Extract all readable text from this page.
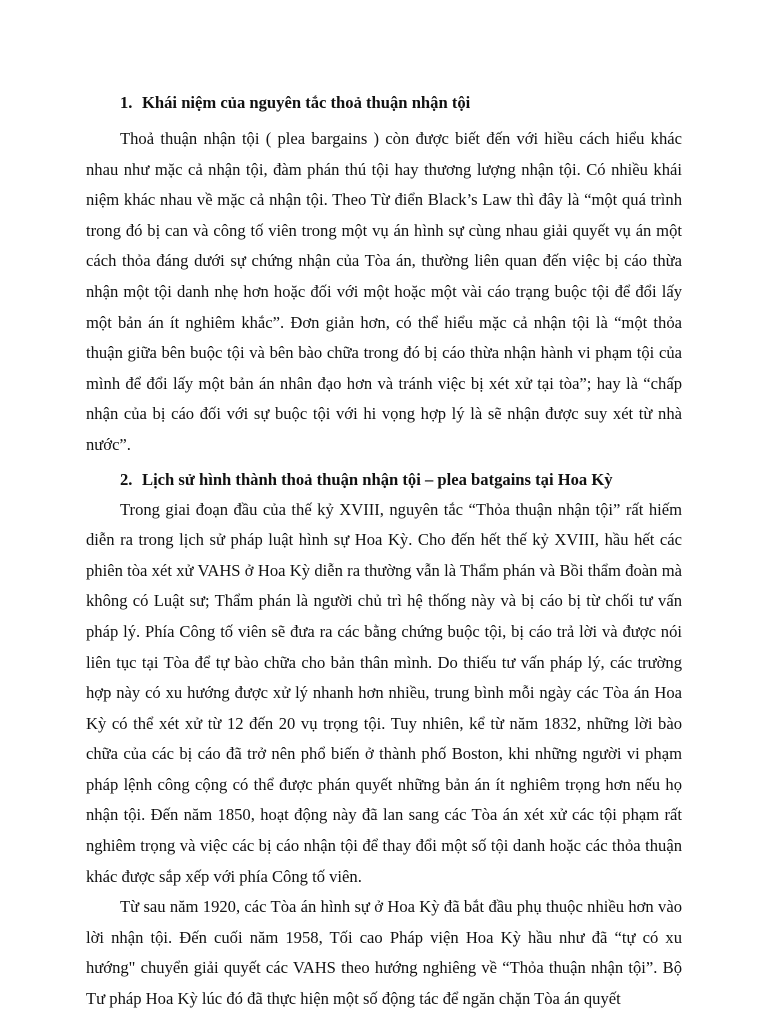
1. Khái niệm của nguyên tắc thoả thuận nhận tội

Thoả thuận nhận tội ( plea bargains ) còn được biết đến với hiều cách hiểu khác nhau như mặc cả nhận tội, đàm phán thú tội hay thương lượng nhận tội. Có nhiều khái niệm khác nhau về mặc cả nhận tội. Theo Từ điển Black’s Law thì đây là “một quá trình trong đó bị can và công tố viên trong một vụ án hình sự cùng nhau giải quyết vụ án một cách thỏa đáng dưới sự chứng nhận của Tòa án, thường liên quan đến việc bị cáo thừa nhận một tội danh nhẹ hơn hoặc đối với một hoặc một vài cáo trạng buộc tội để đổi lấy một bản án ít nghiêm khắc”. Đơn giản hơn, có thể hiểu mặc cả nhận tội là “một thỏa thuận giữa bên buộc tội và bên bào chữa trong đó bị cáo thừa nhận hành vi phạm tội của mình để đổi lấy một bản án nhân đạo hơn và tránh việc bị xét xử tại tòa”; hay là “chấp nhận của bị cáo đối với sự buộc tội với hi vọng hợp lý là sẽ nhận được suy xét từ nhà nước”.

2. Lịch sử hình thành thoả thuận nhận tội – plea batgains tại Hoa Kỳ

Trong giai đoạn đầu của thế kỷ XVIII, nguyên tắc “Thỏa thuận nhận tội” rất hiếm diễn ra trong lịch sử pháp luật hình sự Hoa Kỳ. Cho đến hết thế kỷ XVIII, hầu hết các phiên tòa xét xử VAHS ở Hoa Kỳ diễn ra thường vẫn là Thẩm phán và Bồi thẩm đoàn mà không có Luật sư; Thẩm phán là người chủ trì hệ thống này và bị cáo bị từ chối tư vấn pháp lý. Phía Công tố viên sẽ đưa ra các bằng chứng buộc tội, bị cáo trả lời và được nói liên tục tại Tòa để tự bào chữa cho bản thân mình. Do thiếu tư vấn pháp lý, các trường hợp này có xu hướng được xử lý nhanh hơn nhiều, trung bình mỗi ngày các Tòa án Hoa Kỳ có thể xét xử từ 12 đến 20 vụ trọng tội. Tuy nhiên, kể từ năm 1832, những lời bào chữa của các bị cáo đã trở nên phổ biến ở thành phố Boston, khi những người vi phạm pháp lệnh công cộng có thể được phán quyết những bản án ít nghiêm trọng hơn nếu họ nhận tội. Đến năm 1850, hoạt động này đã lan sang các Tòa án xét xử các tội phạm rất nghiêm trọng và việc các bị cáo nhận tội để thay đổi một số tội danh hoặc các thỏa thuận khác được sắp xếp với phía Công tố viên.

Từ sau năm 1920, các Tòa án hình sự ở Hoa Kỳ đã bắt đầu phụ thuộc nhiều hơn vào lời nhận tội. Đến cuối năm 1958, Tối cao Pháp viện Hoa Kỳ hầu như đã “tự có xu hướng" chuyển giải quyết các VAHS theo hướng nghiêng về “Thỏa thuận nhận tội”. Bộ Tư pháp Hoa Kỳ lúc đó đã thực hiện một số động tác để ngăn chặn Tòa án quyết
